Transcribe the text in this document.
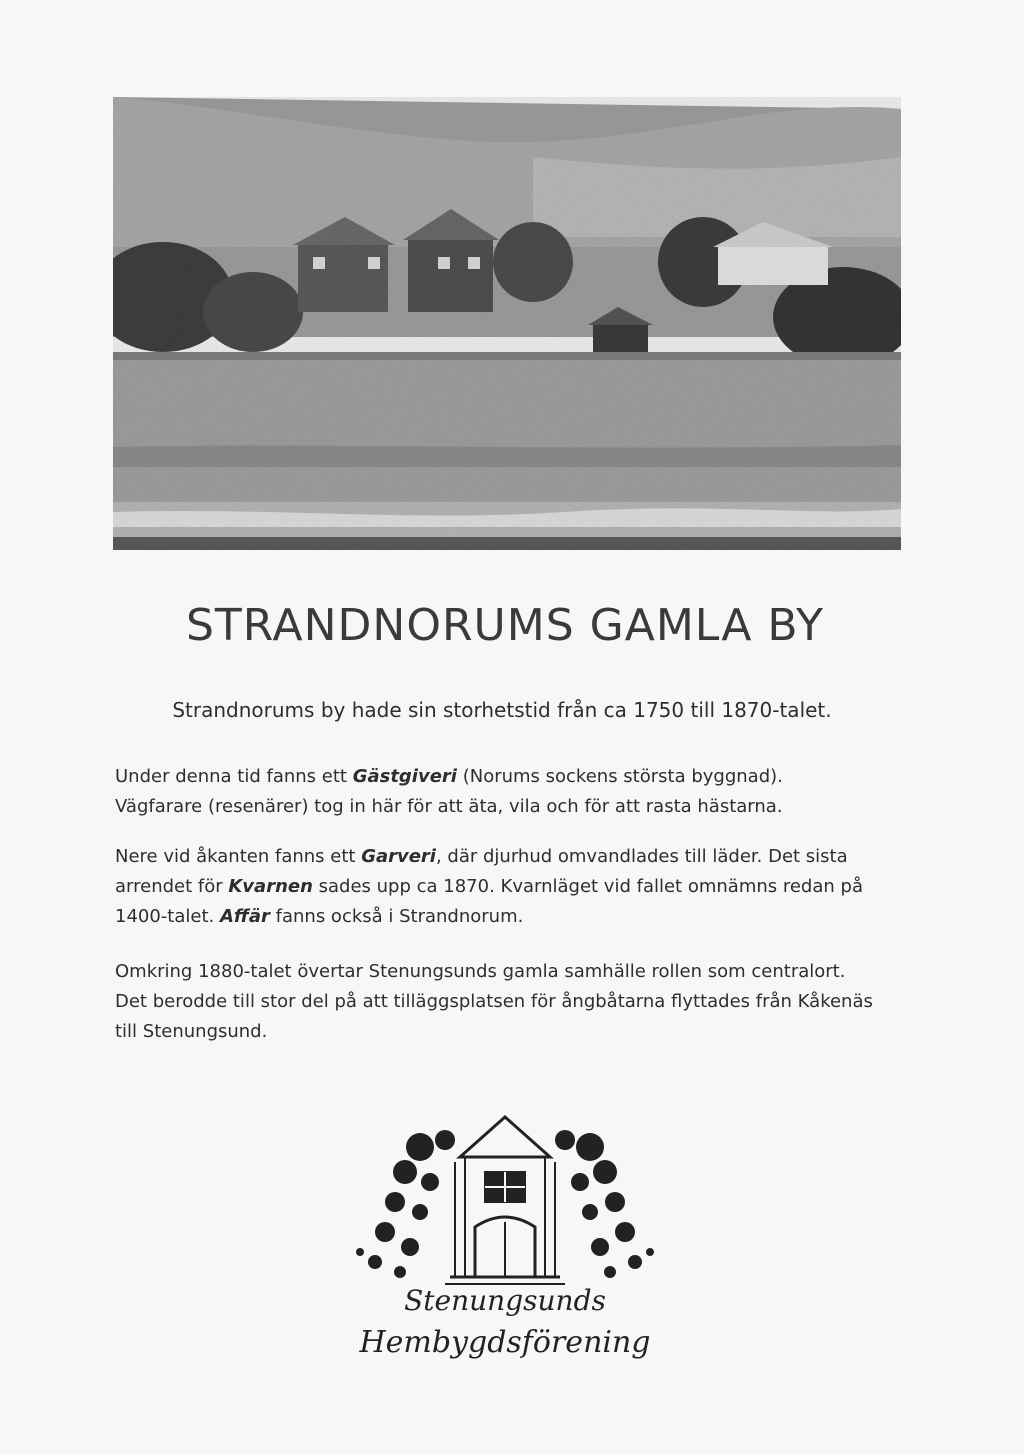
STRANDNORUMS GAMLA BY

Strandnorums by hade sin storhetstid från ca 1750 till 1870-talet.

Under denna tid fanns ett Gästgiveri (Norums sockens största byggnad). Vägfarare (resenärer) tog in här för att äta, vila och för att rasta hästarna.

Nere vid åkanten fanns ett Garveri, där djurhud omvandlades till läder. Det sista arrendet för Kvarnen sades upp ca 1870. Kvarnläget vid fallet omnämns redan på 1400-talet. Affär fanns också i Strandnorum.

Omkring 1880-talet övertar Stenungsunds gamla samhälle rollen som centralort. Det berodde till stor del på att tilläggsplatsen för ångbåtarna flyttades från Kåkenäs till Stenungsund.

Stenungsunds
Hembygdsförening
